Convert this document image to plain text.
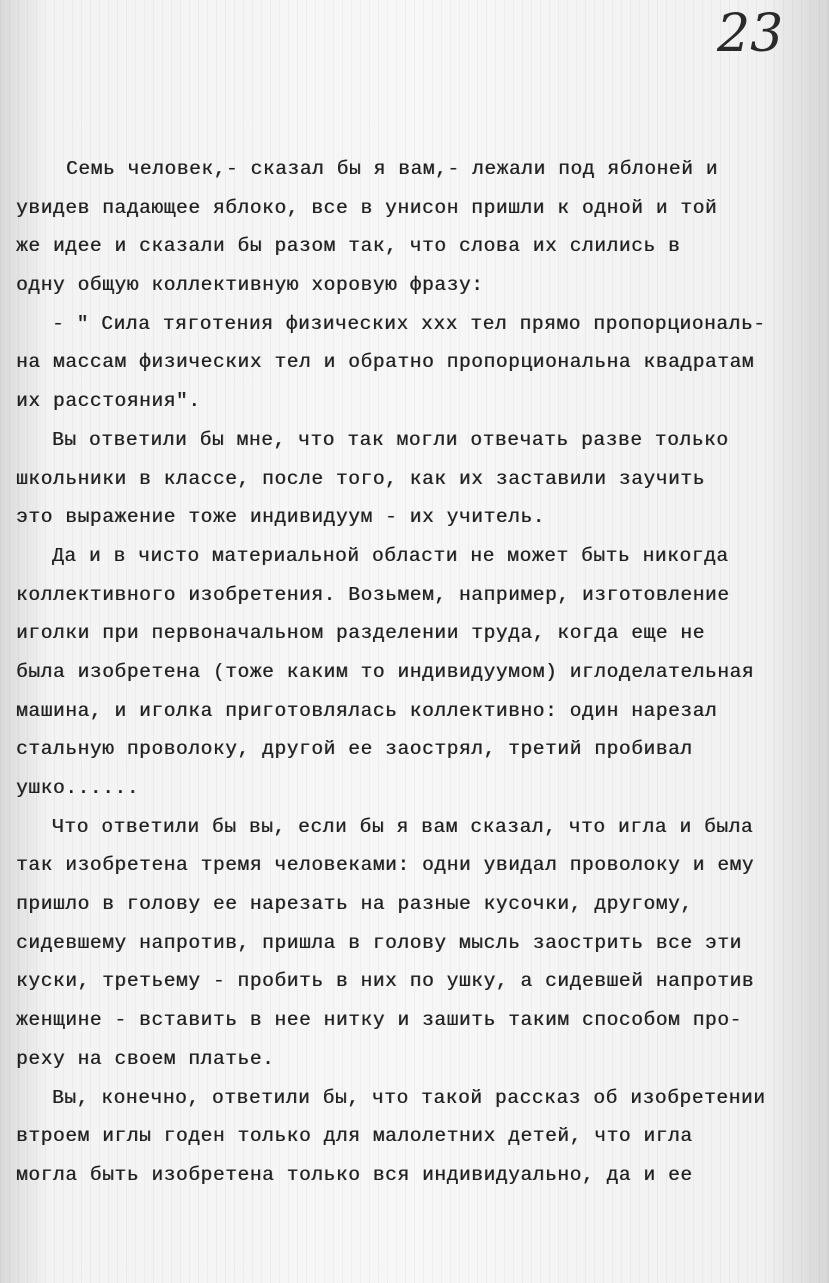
23

Семь человек,- сказал бы я вам,- лежали под яблоней и

увидев падающее яблоко, все в унисон пришли к одной и той

же идее и сказали бы разом так, что слова их слились в

одну общую коллективную хоровую фразу:

- " Сила тяготения физических ххх тел прямо пропорциональ-

на массам физических тел и обратно пропорциональна квадратам

их расстояния".

Вы ответили бы мне, что так могли отвечать разве только

школьники в классе, после того, как их заставили заучить

это выражение тоже индивидуум - их учитель.

Да и в чисто материальной области не может быть никогда

коллективного изобретения. Возьмем, например, изготовление

иголки при первоначальном разделении труда, когда еще не

была изобретена (тоже каким то индивидуумом) иглоделательная

машина, и иголка приготовлялась коллективно: один нарезал

стальную проволоку, другой ее заострял, третий пробивал

ушко......

Что ответили бы вы, если бы я вам сказал, что игла и была

так изобретена тремя человеками: одни увидал проволоку и ему

пришло в голову ее нарезать на разные кусочки, другому,

сидевшему напротив, пришла в голову мысль заострить все эти

куски, третьему - пробить в них по ушку, а сидевшей напротив

женщине - вставить в нее нитку и зашить таким способом про-

реху на своем платье.

Вы, конечно, ответили бы, что такой рассказ об изобретении

втроем иглы годен только для малолетних детей, что игла

могла быть изобретена только вся индивидуально, да и ее
